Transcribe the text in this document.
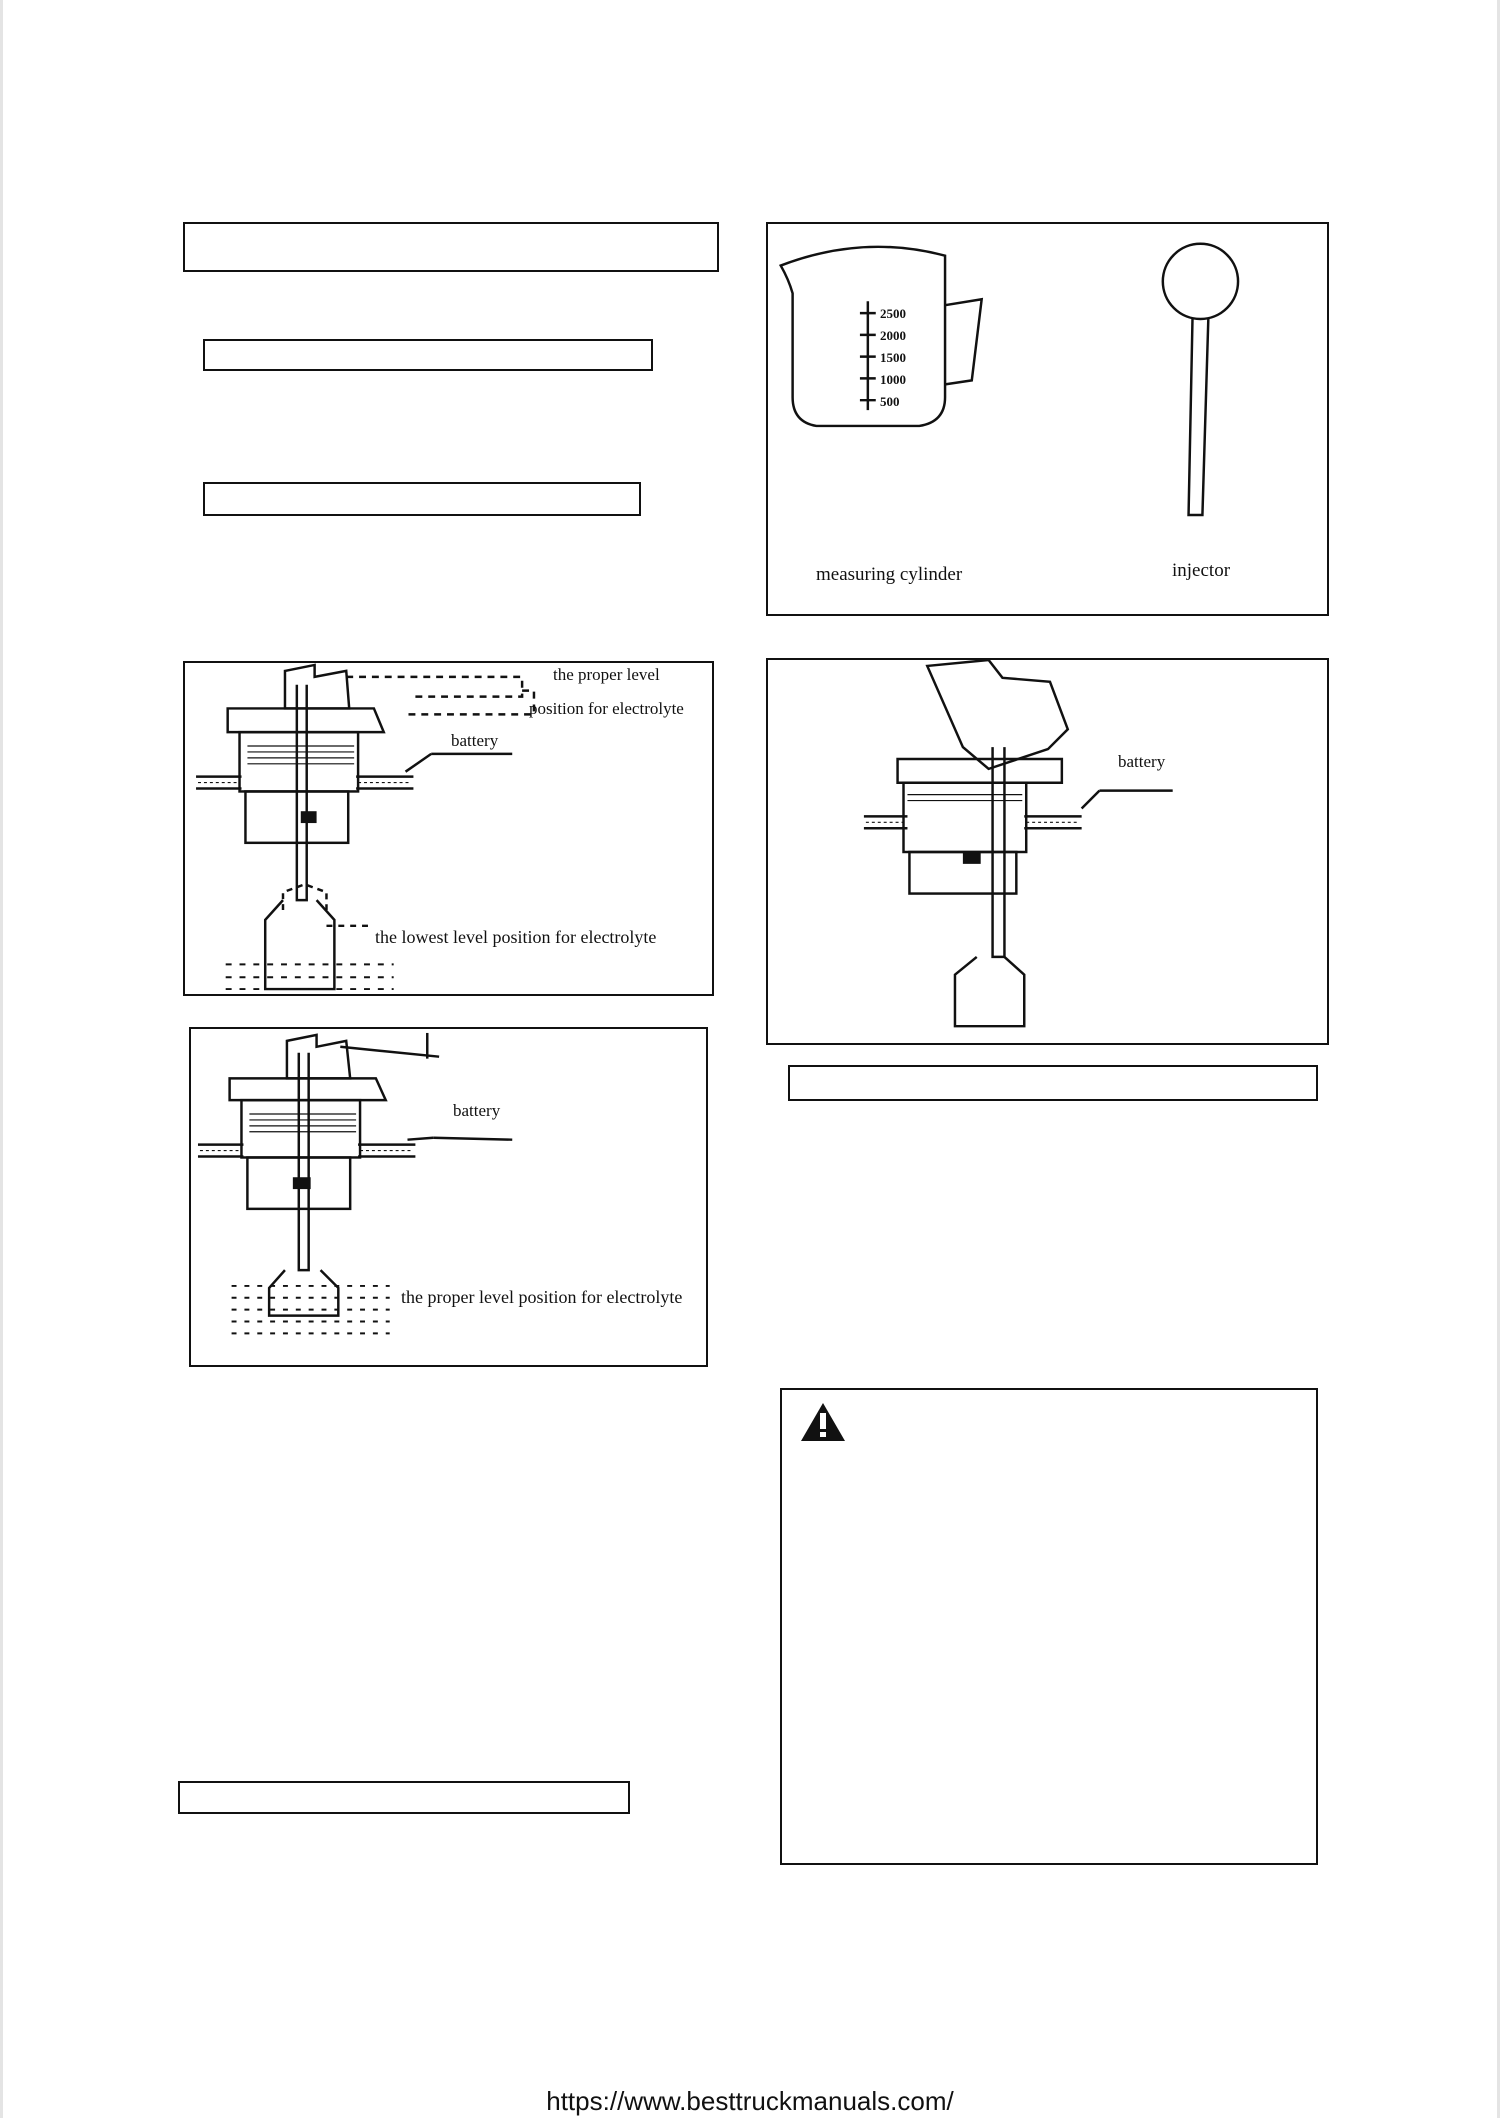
2500
2000
1500
1000
500
measuring cylinder	injector
the proper level
position for electrolyte
battery
the lowest level position for electrolyte
battery
the proper level position for electrolyte
battery
https://www.besttruckmanuals.com/
